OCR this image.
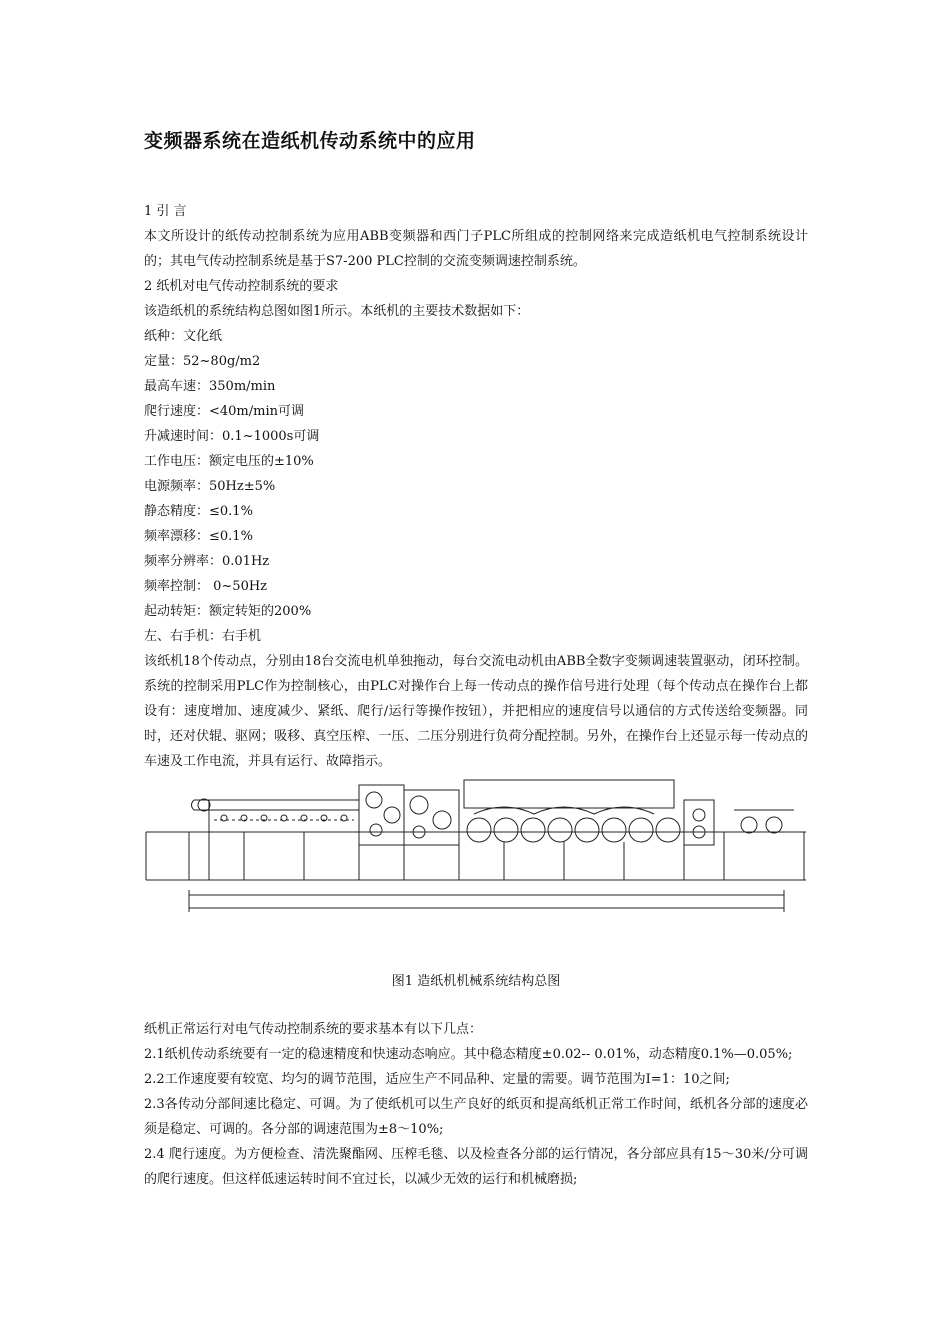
变频器系统在造纸机传动系统中的应用
1 引 言
本文所设计的纸传动控制系统为应用ABB变频器和西门子PLC所组成的控制网络来完成造纸机电气控制系统设计的；其电气传动控制系统是基于S7-200 PLC控制的交流变频调速控制系统。
2 纸机对电气传动控制系统的要求
该造纸机的系统结构总图如图1所示。本纸机的主要技术数据如下：
纸种：文化纸
定量：52~80g/m2
最高车速：350m/min
爬行速度：<40m/min可调
升减速时间：0.1~1000s可调
工作电压：额定电压的±10%
电源频率：50Hz±5%
静态精度：≤0.1%
频率漂移：≤0.1%
频率分辨率：0.01Hz
频率控制： 0~50Hz
起动转矩：额定转矩的200%
左、右手机：右手机
该纸机18个传动点，分别由18台交流电机单独拖动，每台交流电动机由ABB全数字变频调速装置驱动，闭环控制。系统的控制采用PLC作为控制核心，由PLC对操作台上每一传动点的操作信号进行处理（每个传动点在操作台上都设有：速度增加、速度减少、紧纸、爬行/运行等操作按钮），并把相应的速度信号以通信的方式传送给变频器。同时，还对伏辊、驱网；吸移、真空压榨、一压、二压分别进行负荷分配控制。另外，在操作台上还显示每一传动点的车速及工作电流，并具有运行、故障指示。
图1 造纸机机械系统结构总图
纸机正常运行对电气传动控制系统的要求基本有以下几点：
2.1纸机传动系统要有一定的稳速精度和快速动态响应。其中稳态精度±0.02-- 0.01%，动态精度0.1%—0.05%;
2.2工作速度要有较宽、均匀的调节范围，适应生产不同品种、定量的需要。调节范围为I=1：10之间;
2.3各传动分部间速比稳定、可调。为了使纸机可以生产良好的纸页和提高纸机正常工作时间，纸机各分部的速度必须是稳定、可调的。各分部的调速范围为±8～10%;
2.4 爬行速度。为方便检查、清洗聚酯网、压榨毛毯、以及检查各分部的运行情况，各分部应具有15～30米/分可调的爬行速度。但这样低速运转时间不宜过长，以减少无效的运行和机械磨损;
